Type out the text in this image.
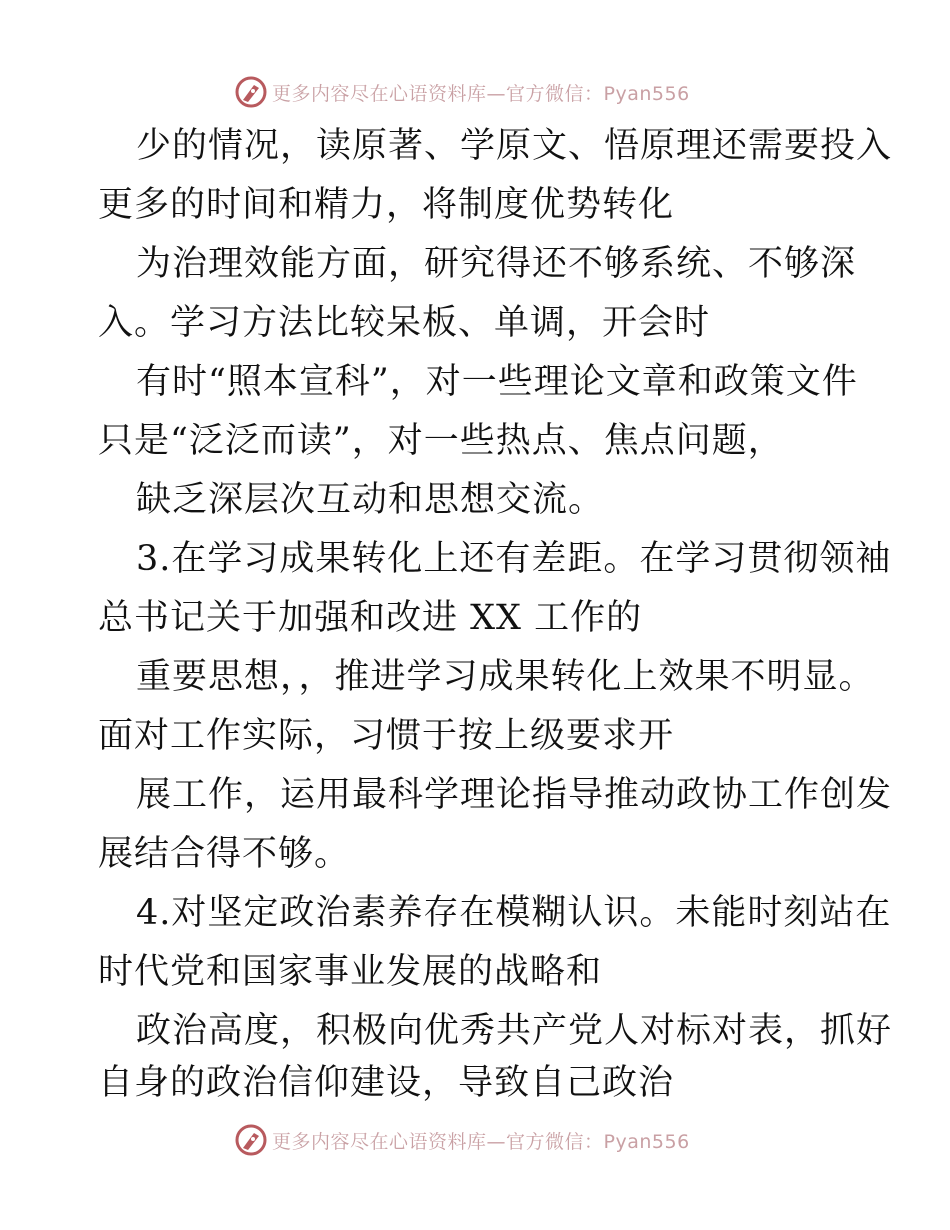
更多内容尽在心语资料库—官方微信：Pyan556
少的情况，读原著、学原文、悟原理还需要投入
更多的时间和精力，将制度优势转化
为治理效能方面，研究得还不够系统、不够深
入。学习方法比较呆板、单调，开会时
有时“照本宣科”，对一些理论文章和政策文件
只是“泛泛而读”，对一些热点、焦点问题，
缺乏深层次互动和思想交流。
3.在学习成果转化上还有差距。在学习贯彻领袖
总书记关于加强和改进 XX 工作的
重要思想，，推进学习成果转化上效果不明显。
面对工作实际，习惯于按上级要求开
展工作，运用最科学理论指导推动政协工作创发
展结合得不够。
4.对坚定政治素养存在模糊认识。未能时刻站在
时代党和国家事业发展的战略和
政治高度，积极向优秀共产党人对标对表，抓好
自身的政治信仰建设，导致自己政治
更多内容尽在心语资料库—官方微信：Pyan556
